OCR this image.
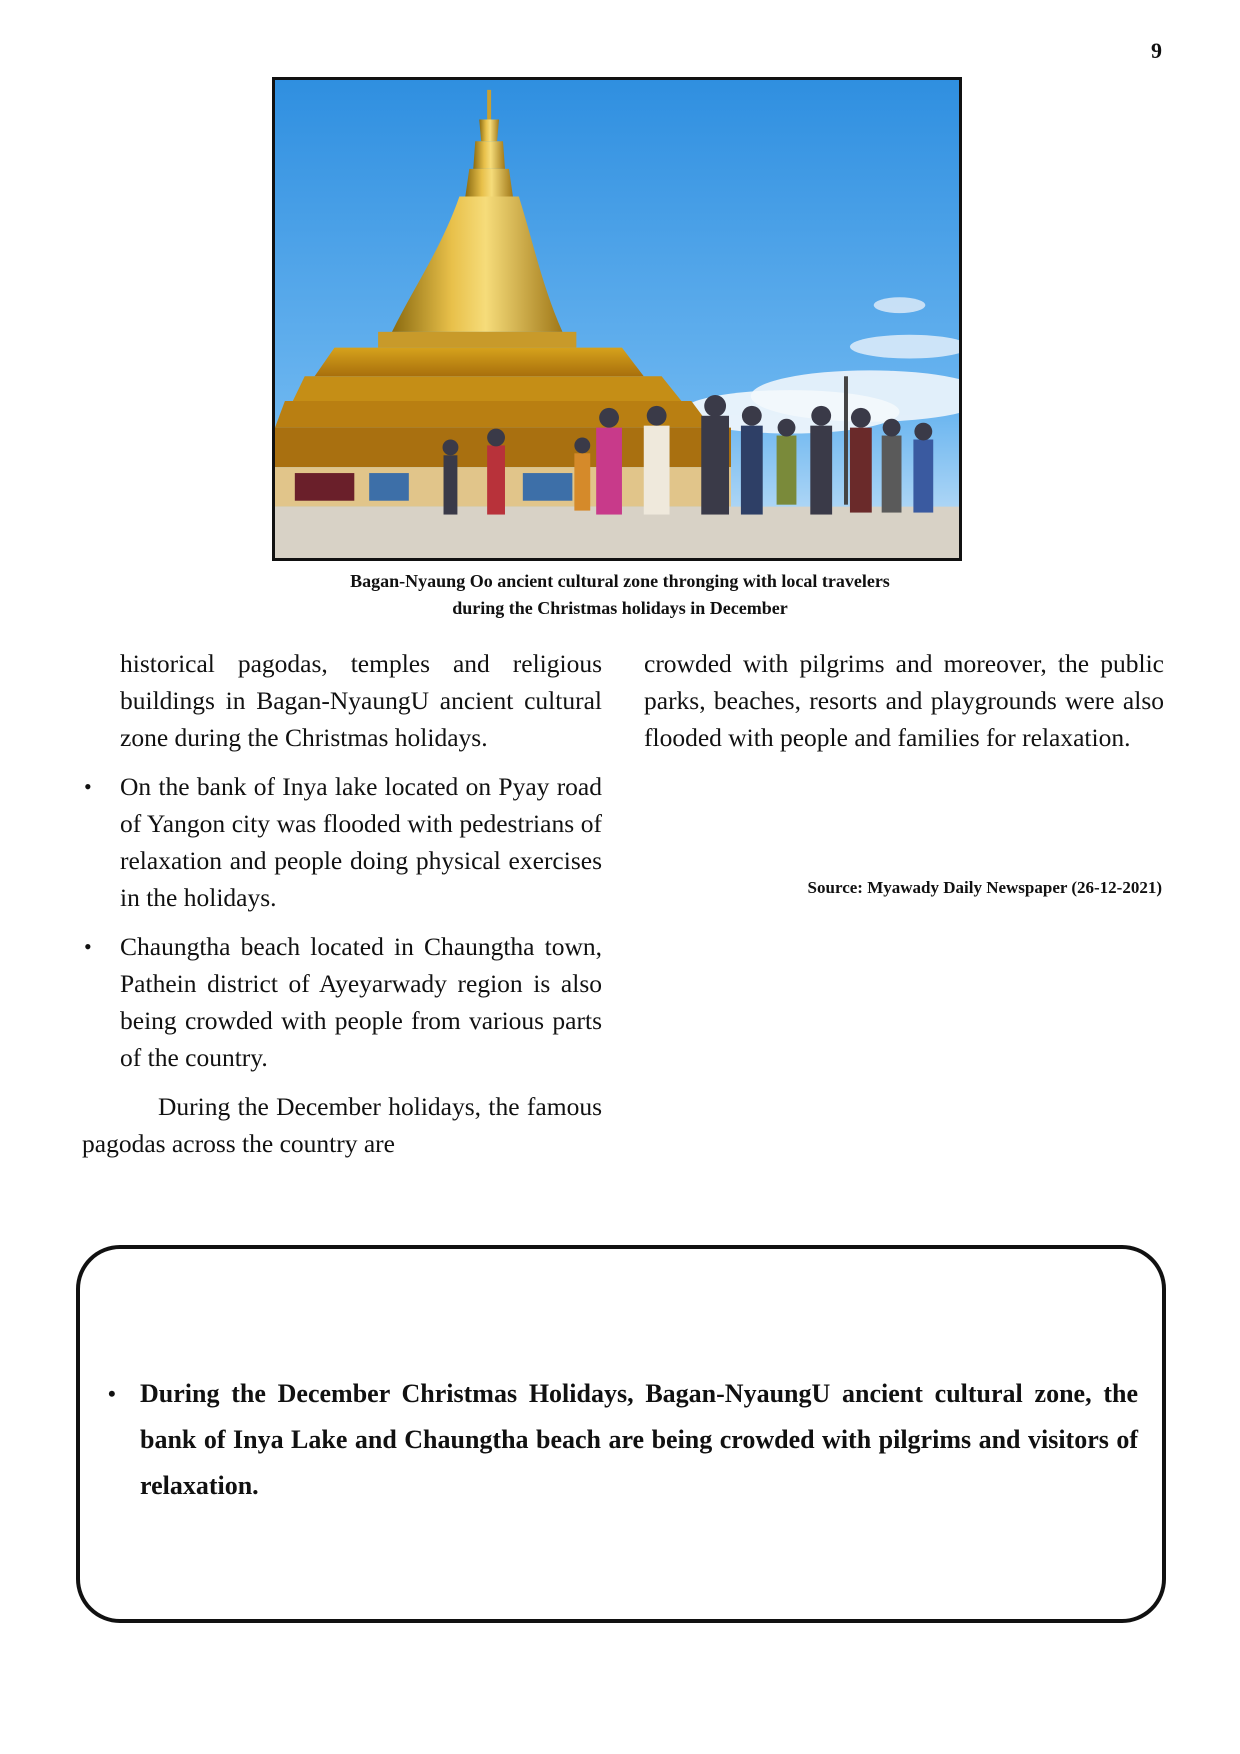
9
Bagan-Nyaung Oo ancient cultural zone thronging with local travelers
during the Christmas holidays in December
historical pagodas, temples and religious buildings in Bagan-NyaungU ancient cultural zone during the Christmas holidays.
• On the bank of Inya lake located on Pyay road of Yangon city was flooded with pedestrians of relaxation and people doing physical exercises in the holidays.
• Chaungtha beach located in Chaungtha town, Pathein district of Ayeyarwady region is also being crowded with people from various parts of the country.

During the December holidays, the famous pagodas across the country are

crowded with pilgrims and moreover, the public parks, beaches, resorts and playgrounds were also flooded with people and families for relaxation.
Source: Myawady Daily Newspaper (26-12-2021)
• During the December Christmas Holidays, Bagan-NyaungU ancient cultural zone, the bank of Inya Lake and Chaungtha beach are being crowded with pilgrims and visitors of relaxation.
